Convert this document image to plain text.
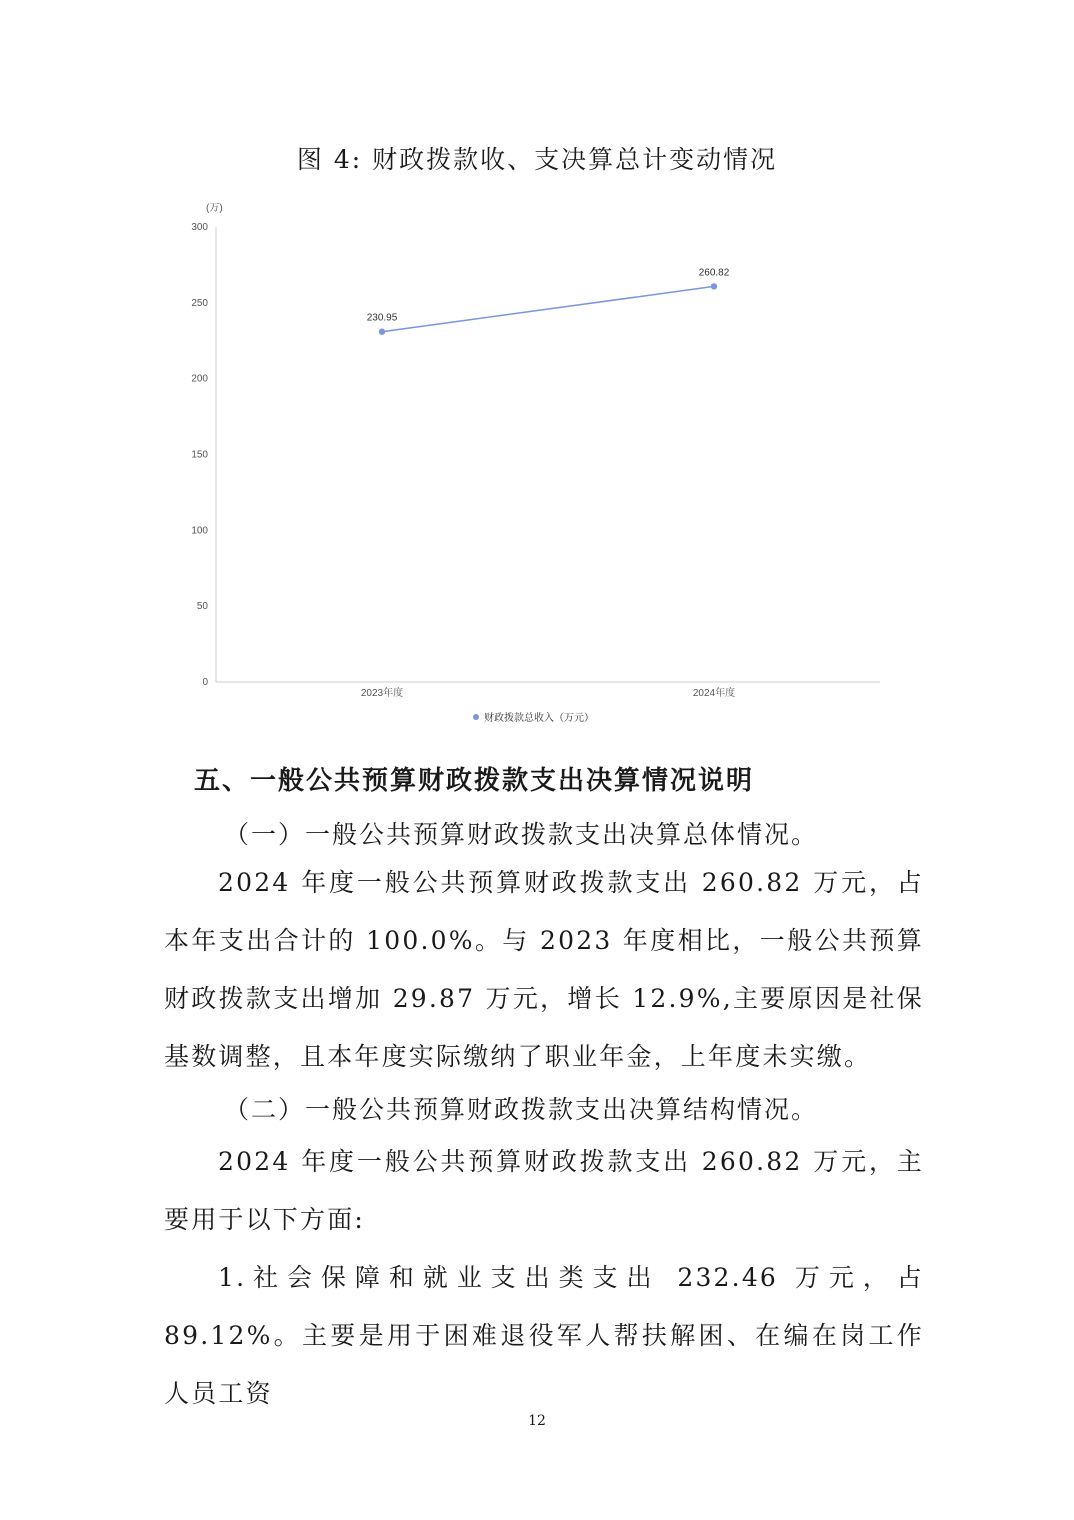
图 4: 财政拨款收、支决算总计变动情况
(万)
0
50
100
150
200
250
300
2023年度	2024年度
230.95
260.82
财政拨款总收入（万元）
五、一般公共预算财政拨款支出决算情况说明
（一）一般公共预算财政拨款支出决算总体情况。
2024 年度一般公共预算财政拨款支出 260.82 万元，占本年支出合计的 100.0%。与 2023 年度相比，一般公共预算财政拨款支出增加 29.87 万元，增长 12.9%,主要原因是社保基数调整，且本年度实际缴纳了职业年金，上年度未实缴。
（二）一般公共预算财政拨款支出决算结构情况。
2024 年度一般公共预算财政拨款支出 260.82 万元，主要用于以下方面:
1.社会保障和就业支出类支出 232.46 万元，占 89.12%。主要是用于困难退役军人帮扶解困、在编在岗工作人员工资
12
